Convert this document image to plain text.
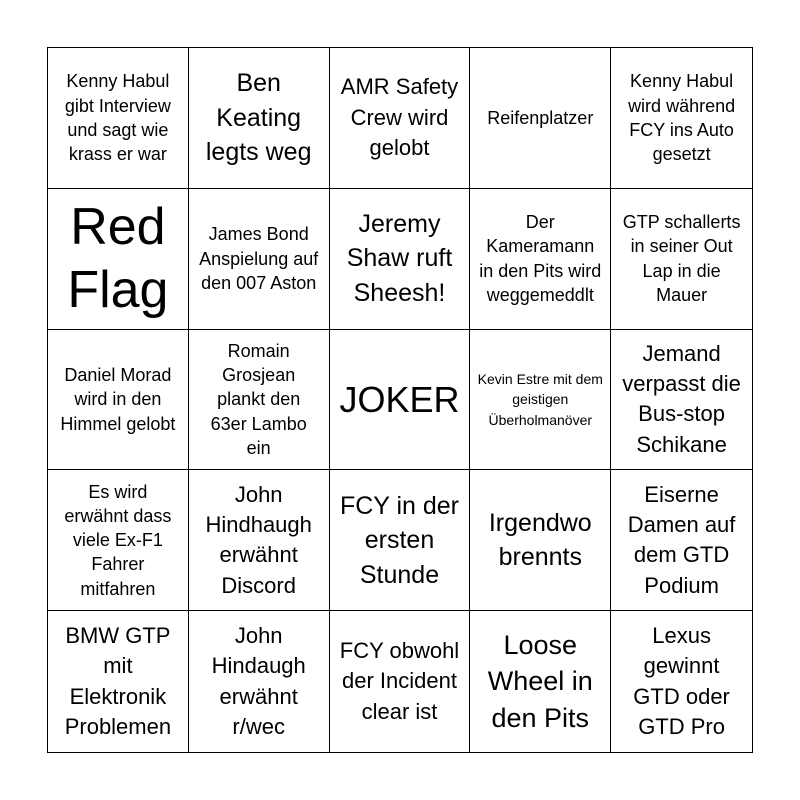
Kenny Habul gibt Interview und sagt wie krass er war
Ben Keating legts weg
AMR Safety Crew wird gelobt
Reifenplatzer
Kenny Habul wird während FCY ins Auto gesetzt
Red Flag
James Bond Anspielung auf den 007 Aston
Jeremy Shaw ruft Sheesh!
Der Kameramann in den Pits wird weggemeddlt
GTP schallerts in seiner Out Lap in die Mauer
Daniel Morad wird in den Himmel gelobt
Romain Grosjean plankt den 63er Lambo ein
JOKER	Kevin Estre mit dem geistigen Überholmanöver
Jemand verpasst die Bus-stop Schikane
Es wird erwähnt dass viele Ex-F1 Fahrer mitfahren
John Hindhaugh erwähnt Discord
FCY in der ersten Stunde
Irgendwo brennts
Eiserne Damen auf dem GTD Podium
BMW GTP mit Elektronik Problemen
John Hindaugh erwähnt r/wec
FCY obwohl der Incident clear ist
Loose Wheel in den Pits
Lexus gewinnt GTD oder GTD Pro
